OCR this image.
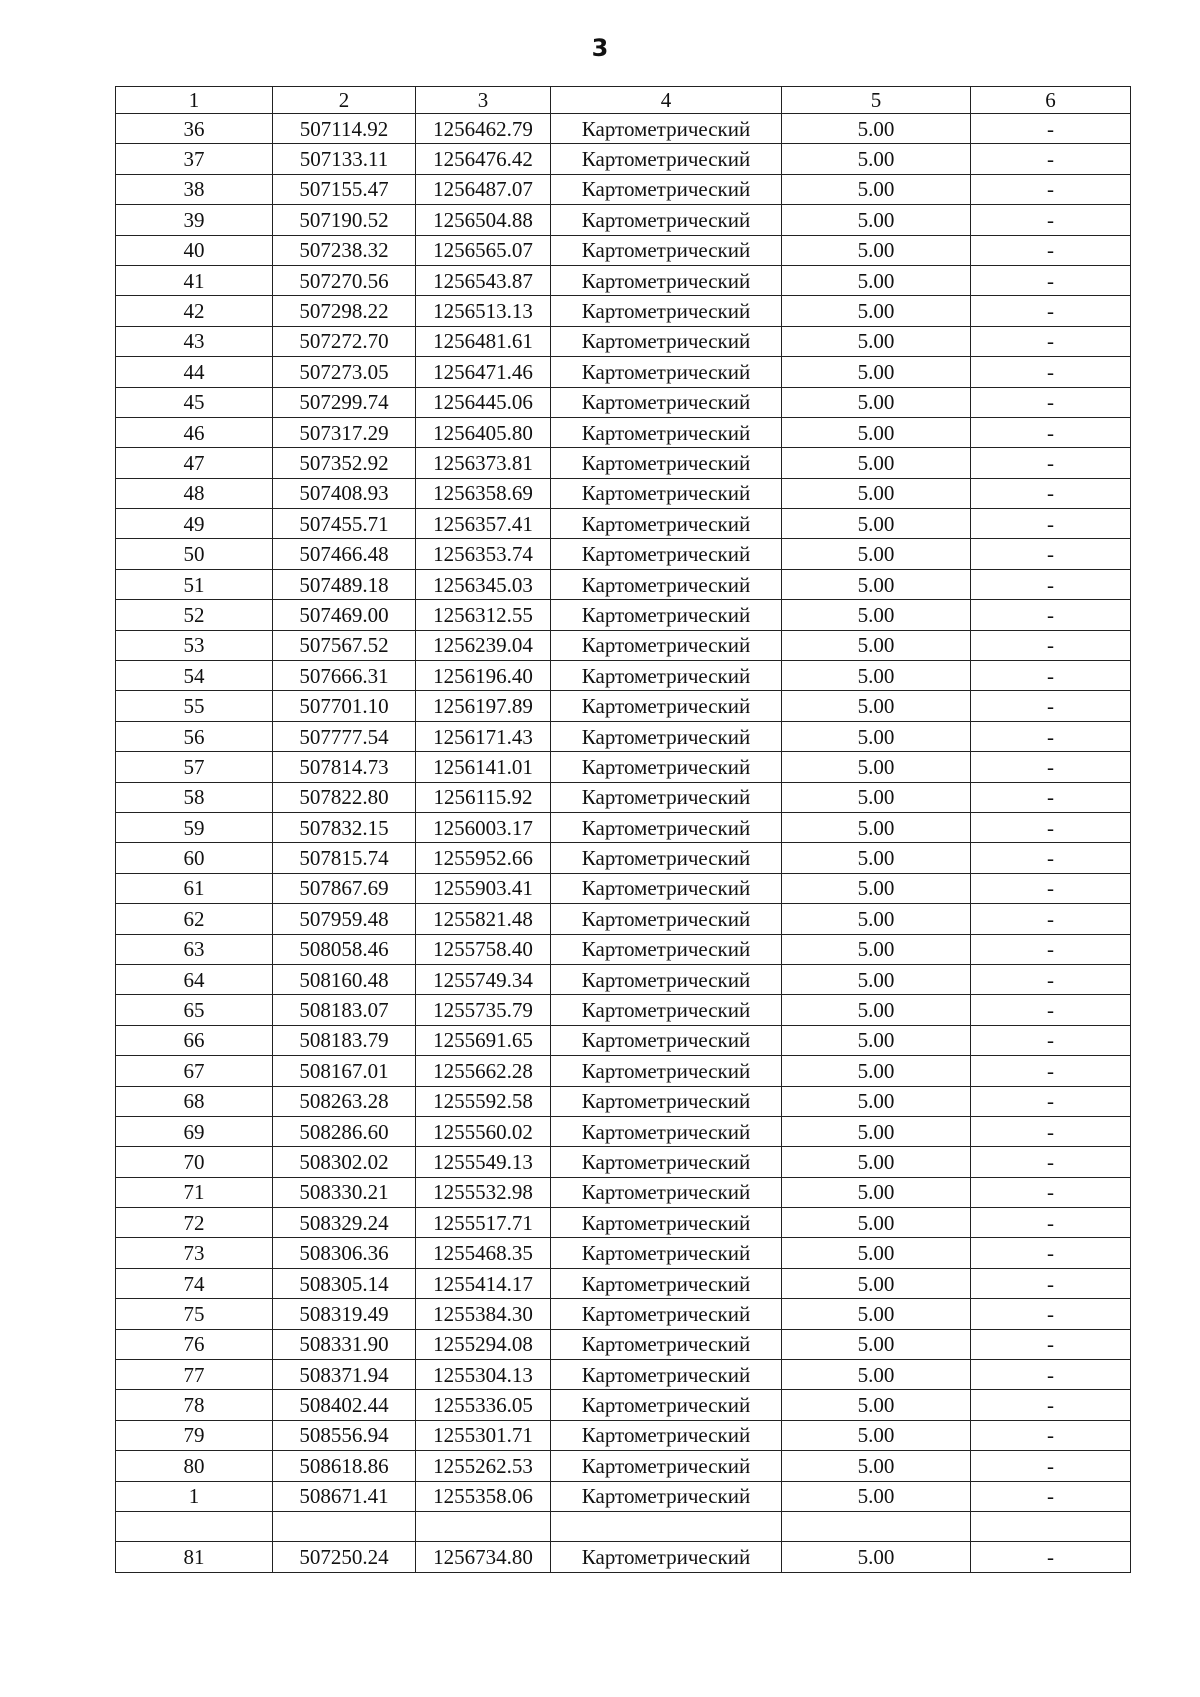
3
1	2	3	4	5	6
36	507114.92	1256462.79	Картометрический	5.00	-
37	507133.11	1256476.42	Картометрический	5.00	-
38	507155.47	1256487.07	Картометрический	5.00	-
39	507190.52	1256504.88	Картометрический	5.00	-
40	507238.32	1256565.07	Картометрический	5.00	-
41	507270.56	1256543.87	Картометрический	5.00	-
42	507298.22	1256513.13	Картометрический	5.00	-
43	507272.70	1256481.61	Картометрический	5.00	-
44	507273.05	1256471.46	Картометрический	5.00	-
45	507299.74	1256445.06	Картометрический	5.00	-
46	507317.29	1256405.80	Картометрический	5.00	-
47	507352.92	1256373.81	Картометрический	5.00	-
48	507408.93	1256358.69	Картометрический	5.00	-
49	507455.71	1256357.41	Картометрический	5.00	-
50	507466.48	1256353.74	Картометрический	5.00	-
51	507489.18	1256345.03	Картометрический	5.00	-
52	507469.00	1256312.55	Картометрический	5.00	-
53	507567.52	1256239.04	Картометрический	5.00	-
54	507666.31	1256196.40	Картометрический	5.00	-
55	507701.10	1256197.89	Картометрический	5.00	-
56	507777.54	1256171.43	Картометрический	5.00	-
57	507814.73	1256141.01	Картометрический	5.00	-
58	507822.80	1256115.92	Картометрический	5.00	-
59	507832.15	1256003.17	Картометрический	5.00	-
60	507815.74	1255952.66	Картометрический	5.00	-
61	507867.69	1255903.41	Картометрический	5.00	-
62	507959.48	1255821.48	Картометрический	5.00	-
63	508058.46	1255758.40	Картометрический	5.00	-
64	508160.48	1255749.34	Картометрический	5.00	-
65	508183.07	1255735.79	Картометрический	5.00	-
66	508183.79	1255691.65	Картометрический	5.00	-
67	508167.01	1255662.28	Картометрический	5.00	-
68	508263.28	1255592.58	Картометрический	5.00	-
69	508286.60	1255560.02	Картометрический	5.00	-
70	508302.02	1255549.13	Картометрический	5.00	-
71	508330.21	1255532.98	Картометрический	5.00	-
72	508329.24	1255517.71	Картометрический	5.00	-
73	508306.36	1255468.35	Картометрический	5.00	-
74	508305.14	1255414.17	Картометрический	5.00	-
75	508319.49	1255384.30	Картометрический	5.00	-
76	508331.90	1255294.08	Картометрический	5.00	-
77	508371.94	1255304.13	Картометрический	5.00	-
78	508402.44	1255336.05	Картометрический	5.00	-
79	508556.94	1255301.71	Картометрический	5.00	-
80	508618.86	1255262.53	Картометрический	5.00	-
1	508671.41	1255358.06	Картометрический	5.00	-

81	507250.24	1256734.80	Картометрический	5.00	-
